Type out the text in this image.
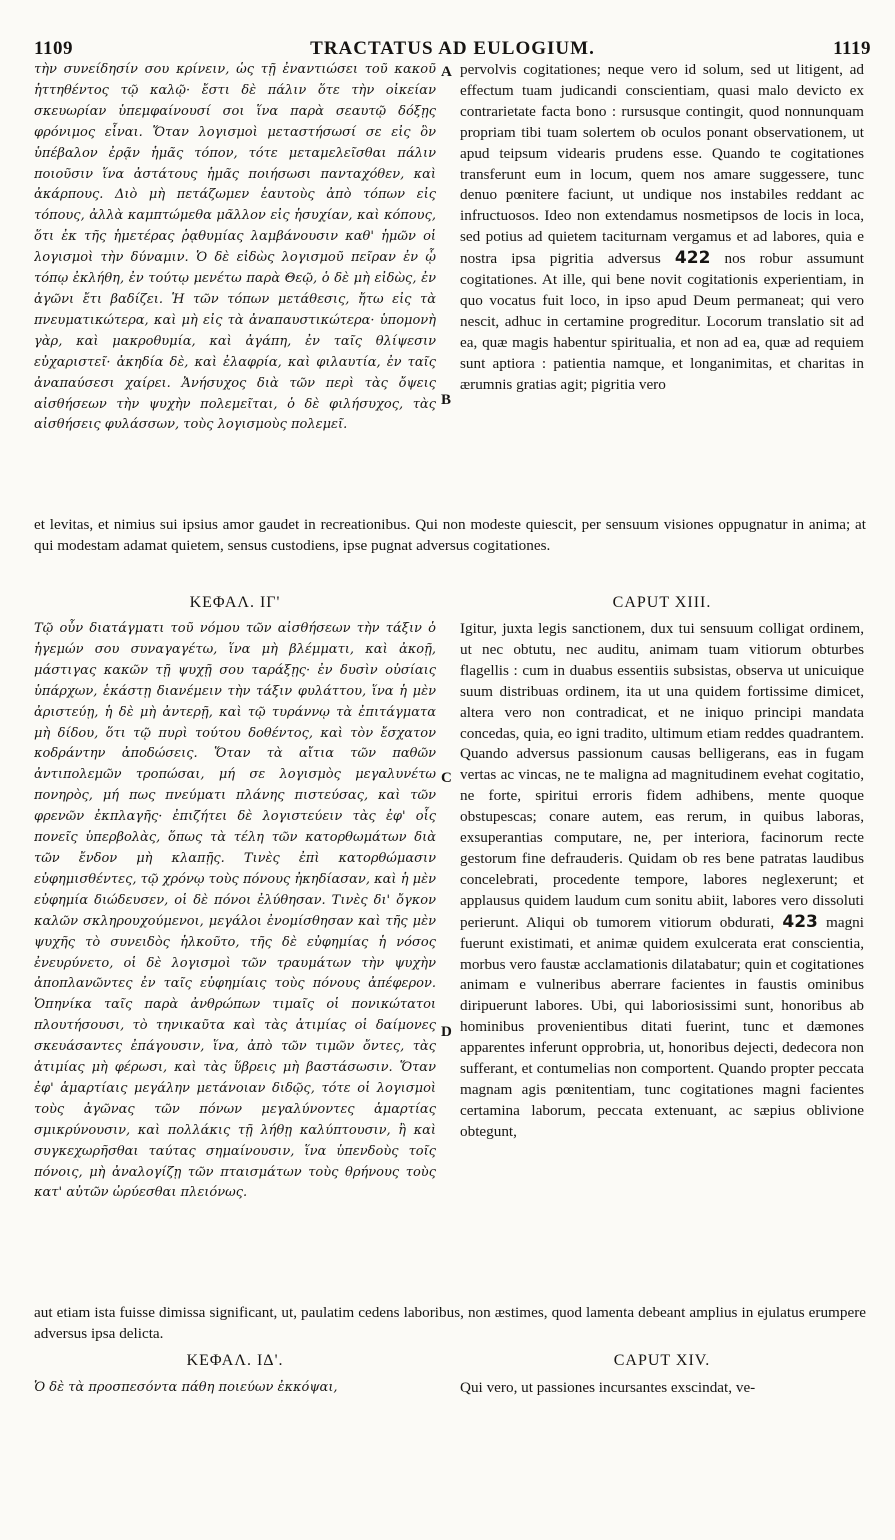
1109	TRACTATUS AD EULOGIUM.	1119
τὴν συνείδησίν σου κρίνειν, ὡς τῇ ἐναντιώσει τοῦ κακοῦ ἡττηθέντος τῷ καλῷ· ἔστι δὲ πάλιν ὅτε τὴν οἰκείαν σκευωρίαν ὑπεμφαίνουσί σοι ἵνα παρὰ σεαυτῷ δόξῃς φρόνιμος εἶναι. Ὅταν λογισμοὶ μεταστήσωσί σε εἰς ὃν ὑπέβαλον ἐρᾷν ἡμᾶς τόπον, τότε μεταμελεῖσθαι πάλιν ποιοῦσιν ἵνα ἀστάτους ἡμᾶς ποιήσωσι πανταχόθεν, καὶ ἀκάρπους. Διὸ μὴ πετάζωμεν ἑαυτοὺς ἀπὸ τόπων εἰς τόπους, ἀλλὰ καμπτώμεθα μᾶλλον εἰς ἡσυχίαν, καὶ κόπους, ὅτι ἐκ τῆς ἡμετέρας ῥᾳθυμίας λαμβάνουσιν καθ' ἡμῶν οἱ λογισμοὶ τὴν δύναμιν. Ὁ δὲ εἰδὼς λογισμοῦ πεῖραν ἐν ᾧ τόπῳ ἐκλήθη, ἐν τούτῳ μενέτω παρὰ Θεῷ, ὁ δὲ μὴ εἰδὼς, ἐν ἀγῶνι ἔτι βαδίζει. Ἡ τῶν τόπων μετάθεσις, ἤτω εἰς τὰ πνευματικώτερα, καὶ μὴ εἰς τὰ ἀναπαυστικώτερα· ὑπομονὴ γὰρ, καὶ μακροθυμία, καὶ ἀγάπη, ἐν ταῖς θλίψεσιν εὐχαριστεῖ· ἀκηδία δὲ, καὶ ἐλαφρία, καὶ φιλαυτία, ἐν ταῖς ἀναπαύσεσι χαίρει. Ἀνήσυχος διὰ τῶν περὶ τὰς ὄψεις αἰσθήσεων τὴν ψυχὴν πολεμεῖται, ὁ δὲ φιλήσυχος, τὰς αἰσθήσεις φυλάσσων, τοὺς λογισμοὺς πολεμεῖ.
A pervolvis cogitationes; neque vero id solum, sed ut litigent, ad effectum tuam judicandi conscientiam, quasi malo devicto ex contrarietate facta bono : rursusque contingit, quod nonnunquam propriam tibi tuam solertem ob oculos ponant observationem, ut apud teipsum videaris prudens esse. Quando te cogitationes transferunt eum in locum, quem nos amare suggessere, tunc denuo pœnitere faciunt, ut undique nos instabiles reddant ac infructuosos. Ideo non extendamus nosmetipsos de locis in loca, sed potius ad quietem taciturnam vergamus et ad labores, quia e nostra ipsa pigritia adversus 422 nos robur assumunt cogitationes. At ille, qui bene novit cogitationis experientiam, in quo vocatus fuit loco, in ipso apud Deum permaneat; qui vero nescit, adhuc in certamine progreditur. Locorum translatio sit ad ea, quæ magis habentur spiritualia, et non ad ea, quæ ad requiem sunt aptiora : patientia namque, et longanimitas, et charitas in ærumnis gratias agit; pigritia vero
B
et levitas, et nimius sui ipsius amor gaudet in recreationibus. Qui non modeste quiescit, per sensuum visiones oppugnatur in anima; at qui modestam adamat quietem, sensus custodiens, ipse pugnat adversus cogitationes.
ΚΕΦΑΛ. ΙΓ'	CAPUT XIII.
Τῷ οὖν διατάγματι τοῦ νόμου τῶν αἰσθήσεων τὴν τάξιν ὁ ἡγεμών σου συναγαγέτω, ἵνα μὴ βλέμματι, καὶ ἀκοῇ, μάστιγας κακῶν τῇ ψυχῇ σου ταράξῃς· ἐν δυσὶν οὐσίαις ὑπάρχων, ἑκάστῃ διανέμειν τὴν τάξιν φυλάττου, ἵνα ἡ μὲν ἀριστεύῃ, ἡ δὲ μὴ ἀντερῇ, καὶ τῷ τυράννῳ τὰ ἐπιτάγματα μὴ δίδου, ὅτι τῷ πυρὶ τούτου δοθέντος, καὶ τὸν ἔσχατον κοδράντην ἀποδώσεις. Ὅταν τὰ αἴτια τῶν παθῶν ἀντιπολεμῶν τροπώσαι, μή σε λογισμὸς μεγαλυνέτω πονηρὸς, μή πως πνεύματι πλάνης πιστεύσας, καὶ τῶν φρενῶν ἐκπλαγῆς· ἐπιζήτει δὲ λογιστεύειν τὰς ἐφ' οἷς πονεῖς ὑπερβολὰς, ὅπως τὰ τέλη τῶν κατορθωμάτων διὰ τῶν ἔνδον μὴ κλαπῇς. Τινὲς ἐπὶ κατορθώμασιν εὐφημισθέντες, τῷ χρόνῳ τοὺς πόνους ἠκηδίασαν, καὶ ἡ μὲν εὐφημία διώδευσεν, οἱ δὲ πόνοι ἐλύθησαν. Τινὲς δι' ὄγκον καλῶν σκληρουχούμενοι, μεγάλοι ἐνομίσθησαν καὶ τῆς μὲν ψυχῆς τὸ συνειδὸς ἡλκοῦτο, τῆς δὲ εὐφημίας ἡ νόσος ἐνευρύνετο, οἱ δὲ λογισμοὶ τῶν τραυμάτων τὴν ψυχὴν ἀποπλανῶντες ἐν ταῖς εὐφημίαις τοὺς πόνους ἀπέφερον. Ὁπηνίκα ταῖς παρὰ ἀνθρώπων τιμαῖς οἱ πονικώτατοι πλουτήσουσι, τὸ τηνικαῦτα καὶ τὰς ἀτιμίας οἱ δαίμονες σκευάσαντες ἐπάγουσιν, ἵνα, ἀπὸ τῶν τιμῶν ὄντες, τὰς ἀτιμίας μὴ φέρωσι, καὶ τὰς ὕβρεις μὴ βαστάσωσιν. Ὅταν ἐφ' ἁμαρτίαις μεγάλην μετάνοιαν διδῷς, τότε οἱ λογισμοὶ τοὺς ἀγῶνας τῶν πόνων μεγαλύνοντες ἁμαρτίας σμικρύνουσιν, καὶ πολλάκις τῇ λήθῃ καλύπτουσιν, ἢ καὶ συγκεχωρῆσθαι ταύτας σημαίνουσιν, ἵνα ὑπενδοὺς τοῖς πόνοις, μὴ ἀναλογίζῃ τῶν πταισμάτων τοὺς θρήνους τοὺς κατ' αὐτῶν ὠρύεσθαι πλειόνως.
C
D
Igitur, juxta legis sanctionem, dux tui sensuum colligat ordinem, ut nec obtutu, nec auditu, animam tuam vitiorum obturbes flagellis : cum in duabus essentiis subsistas, observa ut unicuique suum distribuas ordinem, ita ut una quidem fortissime dimicet, altera vero non contradicat, et ne iniquo principi mandata concedas, quia, eo igni tradito, ultimum etiam reddes quadrantem. Quando adversus passionum causas belligerans, eas in fugam vertas ac vincas, ne te maligna ad magnitudinem evehat cogitatio, ne forte, spiritui erroris fidem adhibens, mente quoque obstupescas; conare autem, eas rerum, in quibus laboras, exsuperantias computare, ne, per interiora, facinorum recte gestorum fine defrauderis. Quidam ob res bene patratas laudibus concelebrati, procedente tempore, labores neglexerunt; et applausus quidem laudum cum sonitu abiit, labores vero dissoluti perierunt. Aliqui ob tumorem vitiorum obdurati, 423 magni fuerunt existimati, et animæ quidem exulcerata erat conscientia, morbus vero faustæ acclamationis dilatabatur; quin et cogitationes animam e vulneribus aberrare facientes in faustis ominibus diripuerunt labores. Ubi, qui laboriosissimi sunt, honoribus ab hominibus provenientibus ditati fuerint, tunc et dæmones apparentes inferunt opprobria, ut, honoribus dejecti, dedecora non sufferant, et contumelias non comportent. Quando propter peccata magnam agis pœnitentiam, tunc cogitationes magni facientes certamina laborum, peccata extenuant, ac sæpius oblivione obtegunt,
aut etiam ista fuisse dimissa significant, ut, paulatim cedens laboribus, non æstimes, quod lamenta debeant amplius in ejulatus erumpere adversus ipsa delicta.
ΚΕΦΑΛ. ΙΔ'.	CAPUT XIV.
Ὁ δὲ τὰ προσπεσόντα πάθη ποιεύων ἐκκόψαι,	Qui vero, ut passiones incursantes exscindat, ve-
